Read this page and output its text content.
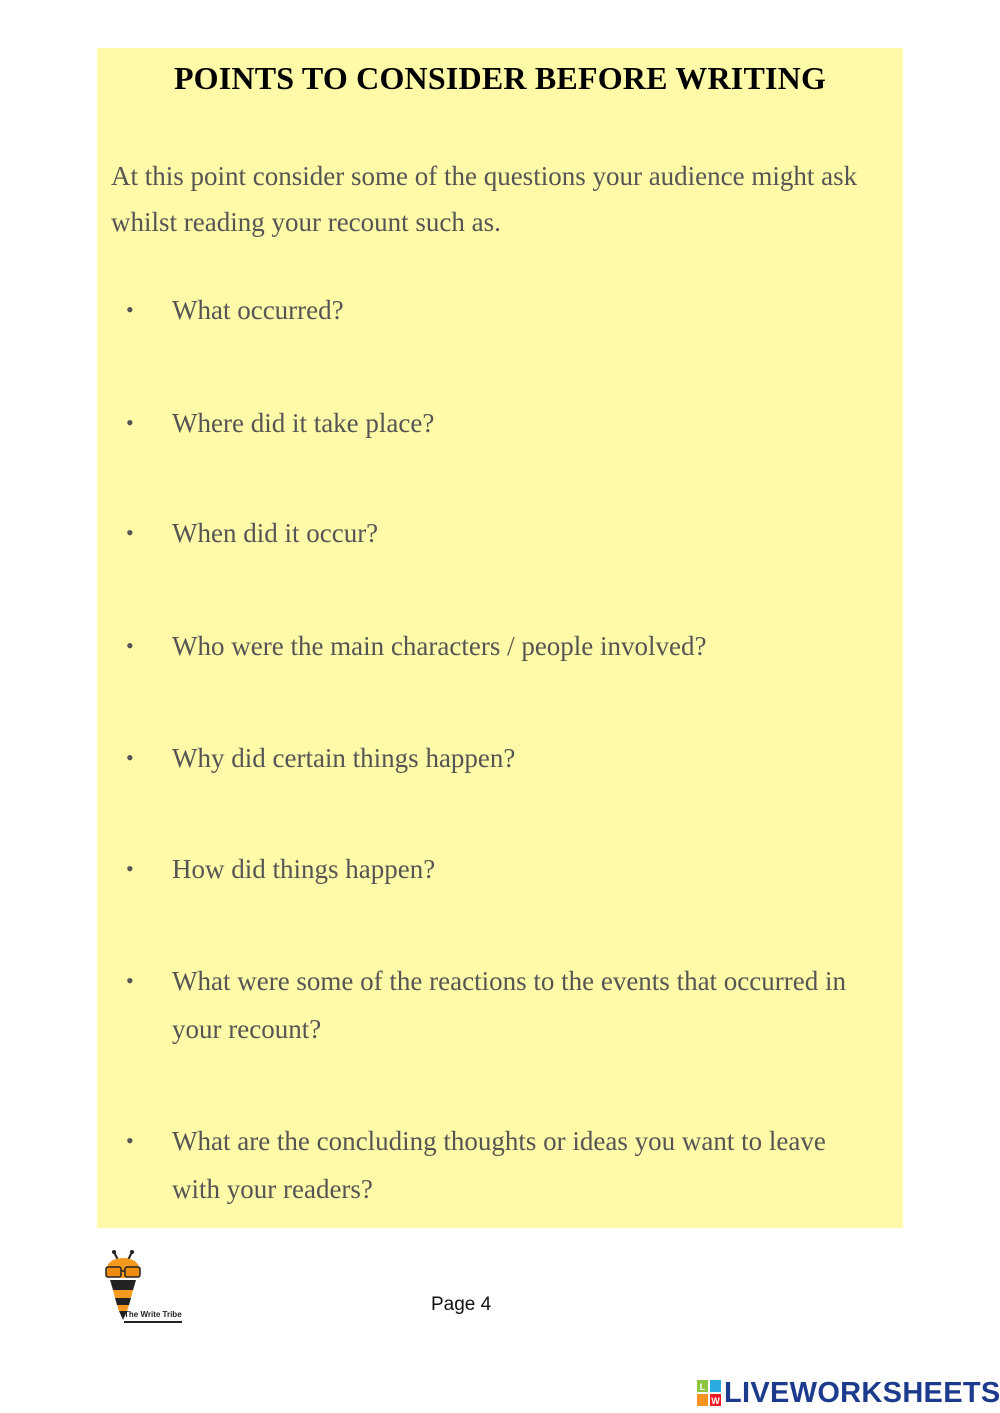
POINTS TO CONSIDER BEFORE WRITING

At this point consider some of the questions your audience might ask whilst reading your recount such as.

• What occurred?
• Where did it take place?
• When did it occur?
• Who were the main characters / people involved?
• Why did certain things happen?
• How did things happen?
• What were some of the reactions to the events that occurred in your recount?
• What are the concluding thoughts or ideas you want to leave with your readers?
The Write Tribe	Page 4
L
W LIVEWORKSHEETS
